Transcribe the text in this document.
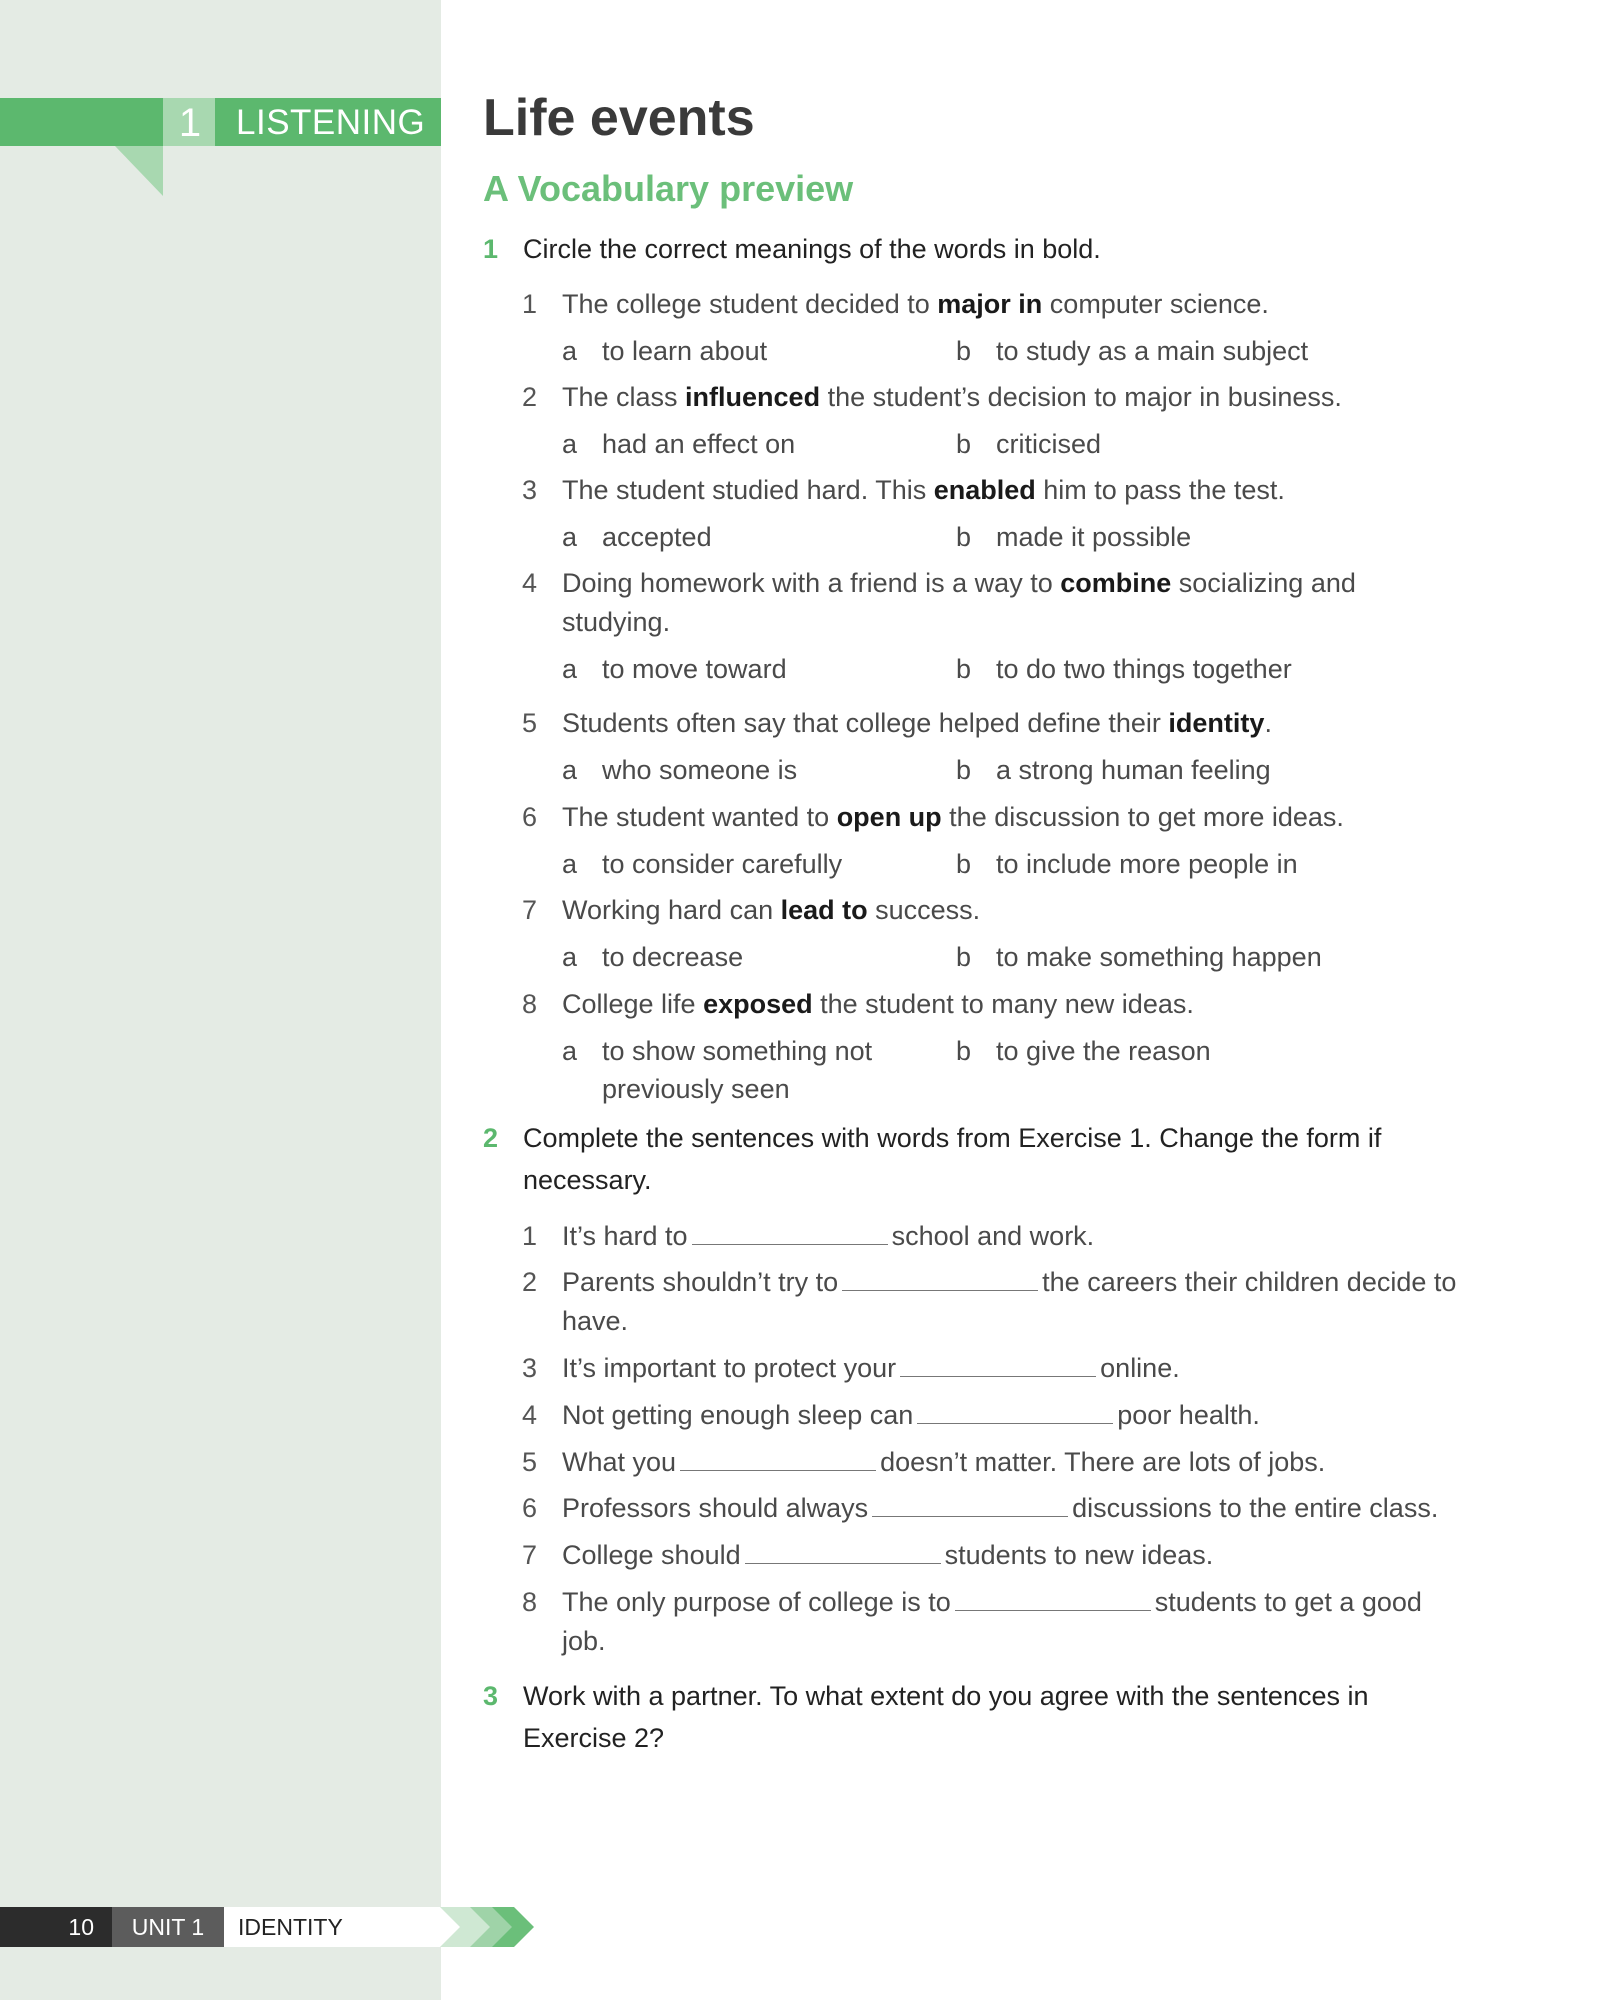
1 LISTENING Life events
A Vocabulary preview
1 Circle the correct meanings of the words in bold.
1 The college student decided to major in computer science.
a to learn about	b to study as a main subject
2 The class influenced the student’s decision to major in business.
a had an effect on	b criticised
3 The student studied hard. This enabled him to pass the test.
a accepted	b made it possible
4 Doing homework with a friend is a way to combine socializing and studying.
a to move toward	b to do two things together
5 Students often say that college helped define their identity.
a who someone is	b a strong human feeling
6 The student wanted to open up the discussion to get more ideas.
a to consider carefully	b to include more people in
7 Working hard can lead to success.
a to decrease	b to make something happen
8 College life exposed the student to many new ideas.
a to show something not previously seen
b to give the reason
2 Complete the sentences with words from Exercise 1. Change the form if necessary.
1 It’s hard to	school and work.
2 Parents shouldn’t try to	the careers their children decide to have.
3 It’s important to protect your	online.
4 Not getting enough sleep can	poor health.
5 What you	doesn’t matter. There are lots of jobs.
6 Professors should always	discussions to the entire class.
7 College should	students to new ideas.
8 The only purpose of college is to	students to get a good job.
3 Work with a partner. To what extent do you agree with the sentences in Exercise 2?
10	UNIT 1	IDENTITY
